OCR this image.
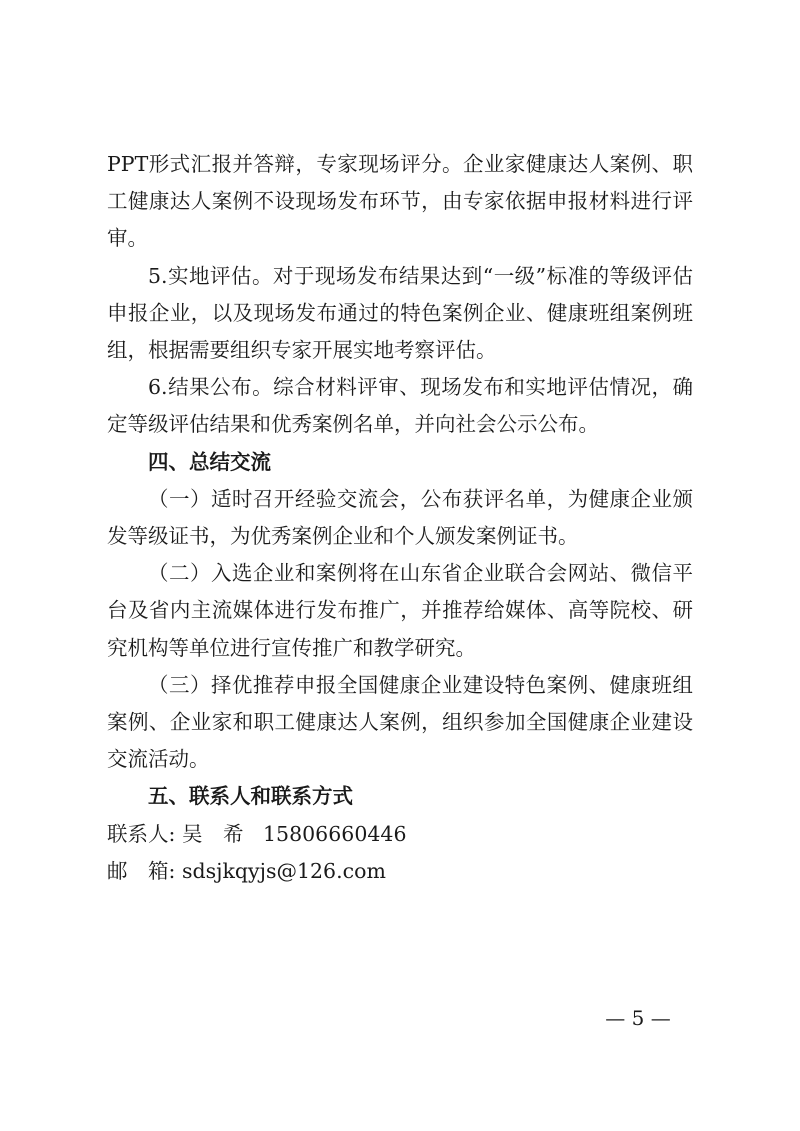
PPT形式汇报并答辩，专家现场评分。企业家健康达人案例、职工健康达人案例不设现场发布环节，由专家依据申报材料进行评审。

5.实地评估。对于现场发布结果达到“一级”标准的等级评估申报企业，以及现场发布通过的特色案例企业、健康班组案例班组，根据需要组织专家开展实地考察评估。

6.结果公布。综合材料评审、现场发布和实地评估情况，确定等级评估结果和优秀案例名单，并向社会公示公布。

四、总结交流

（一）适时召开经验交流会，公布获评名单，为健康企业颁发等级证书，为优秀案例企业和个人颁发案例证书。

（二）入选企业和案例将在山东省企业联合会网站、微信平台及省内主流媒体进行发布推广，并推荐给媒体、高等院校、研究机构等单位进行宣传推广和教学研究。

（三）择优推荐申报全国健康企业建设特色案例、健康班组案例、企业家和职工健康达人案例，组织参加全国健康企业建设交流活动。

五、联系人和联系方式

联系人: 吴　希 15806660446

邮　箱: sdsjkqyjs@126.com

— 5 —
